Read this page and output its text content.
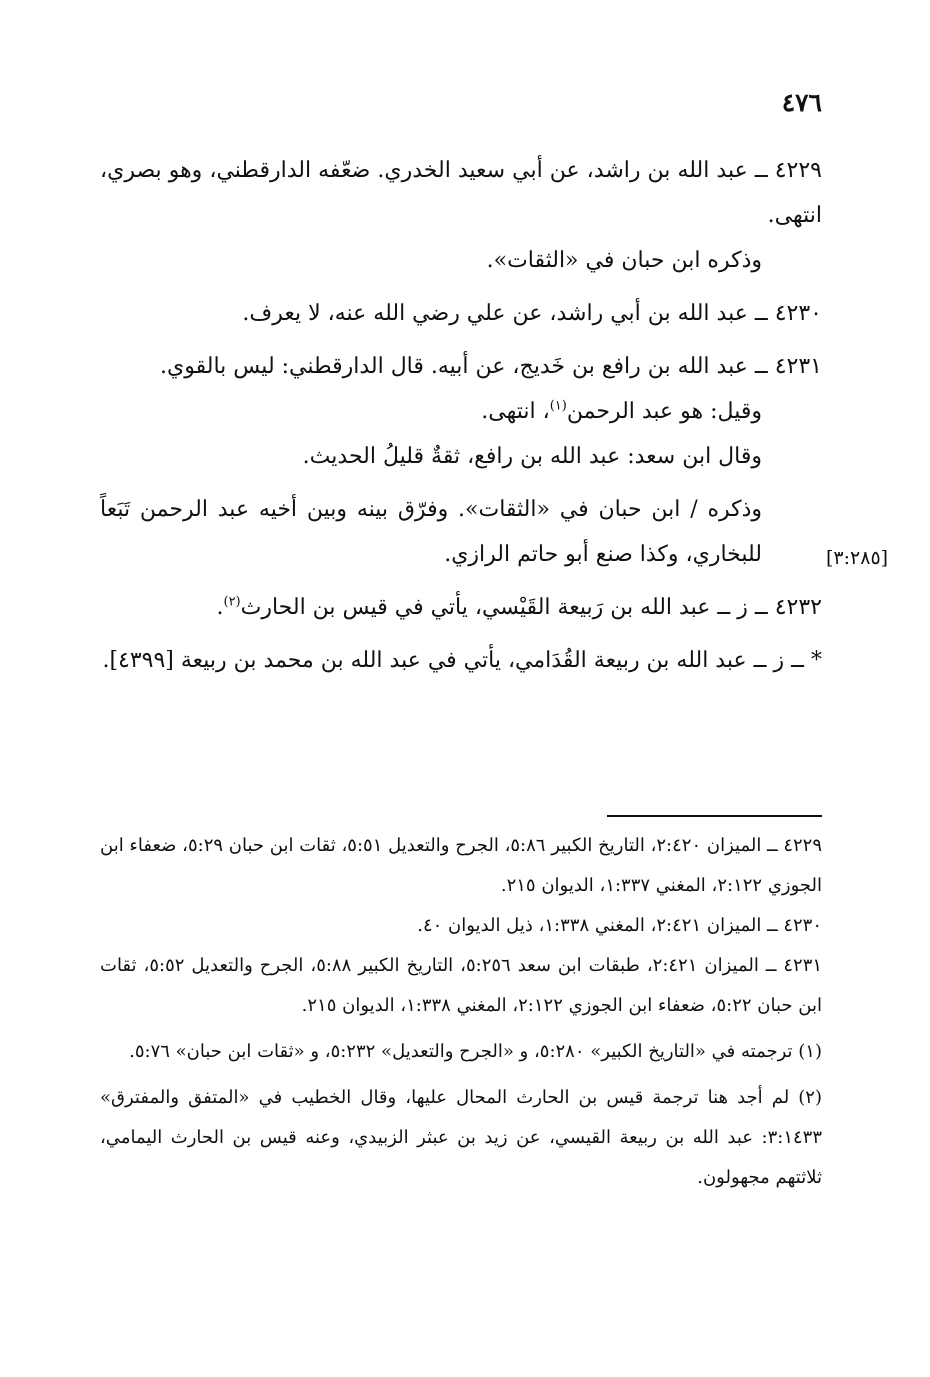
٤٧٦
[٣:٢٨٥]

٤٢٢٩ ــ عبد الله بن راشد، عن أبي سعيد الخدري. ضعّفه الدارقطني، وهو بصري، انتهى.

وذكره ابن حبان في «الثقات».

٤٢٣٠ ــ عبد الله بن أبي راشد، عن علي رضي الله عنه، لا يعرف.

٤٢٣١ ــ عبد الله بن رافع بن خَديج، عن أبيه. قال الدارقطني: ليس بالقوي.

وقيل: هو عبد الرحمن$^{(١)}$، انتهى.

وقال ابن سعد: عبد الله بن رافع، ثقةٌ قليلُ الحديث.

وذكره / ابن حبان في «الثقات». وفرّق بينه وبين أخيه عبد الرحمن تَبَعاً للبخاري، وكذا صنع أبو حاتم الرازي.

٤٢٣٢ ــ ز ــ عبد الله بن رَبيعة القَيْسي، يأتي في قيس بن الحارث$^{(٢)}$.

* ــ ز ــ عبد الله بن ربيعة القُدَامي، يأتي في عبد الله بن محمد بن ربيعة [٤٣٩٩].

٤٢٢٩ ــ الميزان ٢:٤٢٠، التاريخ الكبير ٥:٨٦، الجرح والتعديل ٥:٥١، ثقات ابن حبان ٥:٢٩، ضعفاء ابن الجوزي ٢:١٢٢، المغني ١:٣٣٧، الديوان ٢١٥.

٤٢٣٠ ــ الميزان ٢:٤٢١، المغني ١:٣٣٨، ذيل الديوان ٤٠.

٤٢٣١ ــ الميزان ٢:٤٢١، طبقات ابن سعد ٥:٢٥٦، التاريخ الكبير ٥:٨٨، الجرح والتعديل ٥:٥٢، ثقات ابن حبان ٥:٢٢، ضعفاء ابن الجوزي ٢:١٢٢، المغني ١:٣٣٨، الديوان ٢١٥.

(١) ترجمته في «التاريخ الكبير» ٥:٢٨٠، و «الجرح والتعديل» ٥:٢٣٢، و «ثقات ابن حبان» ٥:٧٦.

(٢) لم أجد هنا ترجمة قيس بن الحارث المحال عليها، وقال الخطيب في «المتفق والمفترق» ٣:١٤٣٣: عبد الله بن ربيعة القيسي، عن زيد بن عبثر الزبيدي، وعنه قيس بن الحارث اليمامي، ثلاثتهم مجهولون.
